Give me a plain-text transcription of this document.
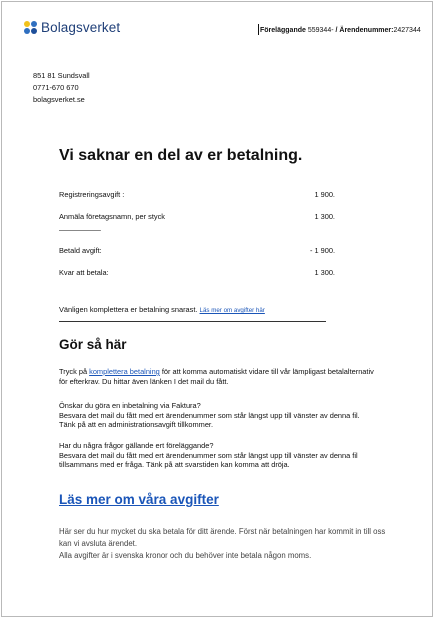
Bolagsverket	Föreläggande 559344- / Ärendenummer:2427344
851 81 Sundsvall
0771-670 670
bolagsverket.se
Vi saknar en del av er betalning.
Registreringsavgift :	1 900.
Anmäla företagsnamn, per styck	1 300.
——————
Betald avgift:	- 1 900.
Kvar att betala:	1 300.
Vänligen komplettera er betalning snarast. Läs mer om avgifter här
Gör så här

Tryck på komplettera betalning för att komma automatiskt vidare till vår lämpligast betalalternativ för efterkrav. Du hittar även länken I det mail du fått.

Önskar du göra en inbetalning via Faktura?
Besvara det mail du fått med ert ärendenummer som står längst upp till vänster av denna fil.
Tänk på att en administrationsavgift tillkommer.

Har du några frågor gällande ert föreläggande?
Besvara det mail du fått med ert ärendenummer som står längst upp till vänster av denna fil tillsammans med er fråga. Tänk på att svarstiden kan komma att dröja.

Läs mer om våra avgifter
Här ser du hur mycket du ska betala för ditt ärende. Först när betalningen har kommit in till oss kan vi avsluta ärendet.
Alla avgifter är i svenska kronor och du behöver inte betala någon moms.
